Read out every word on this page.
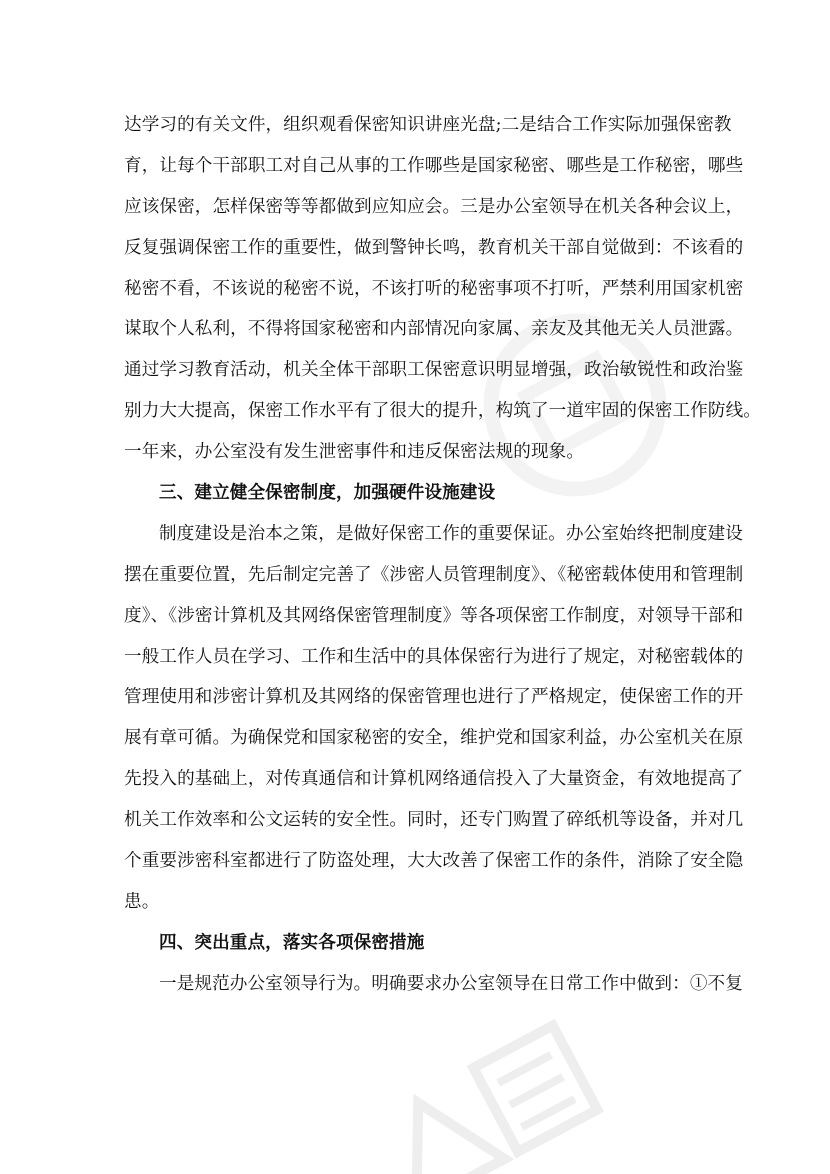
达学习的有关文件，组织观看保密知识讲座光盘;二是结合工作实际加强保密教
育，让每个干部职工对自己从事的工作哪些是国家秘密、哪些是工作秘密，哪些
应该保密，怎样保密等等都做到应知应会。三是办公室领导在机关各种会议上，
反复强调保密工作的重要性，做到警钟长鸣，教育机关干部自觉做到：不该看的
秘密不看，不该说的秘密不说，不该打听的秘密事项不打听，严禁利用国家机密
谋取个人私利，不得将国家秘密和内部情况向家属、亲友及其他无关人员泄露。
通过学习教育活动，机关全体干部职工保密意识明显增强，政治敏锐性和政治鉴
别力大大提高，保密工作水平有了很大的提升，构筑了一道牢固的保密工作防线。
一年来，办公室没有发生泄密事件和违反保密法规的现象。
三、建立健全保密制度，加强硬件设施建设
制度建设是治本之策，是做好保密工作的重要保证。办公室始终把制度建设
摆在重要位置，先后制定完善了《涉密人员管理制度》、《秘密载体使用和管理制
度》、《涉密计算机及其网络保密管理制度》等各项保密工作制度，对领导干部和
一般工作人员在学习、工作和生活中的具体保密行为进行了规定，对秘密载体的
管理使用和涉密计算机及其网络的保密管理也进行了严格规定，使保密工作的开
展有章可循。为确保党和国家秘密的安全，维护党和国家利益，办公室机关在原
先投入的基础上，对传真通信和计算机网络通信投入了大量资金，有效地提高了
机关工作效率和公文运转的安全性。同时，还专门购置了碎纸机等设备，并对几
个重要涉密科室都进行了防盗处理，大大改善了保密工作的条件，消除了安全隐
患。
四、突出重点，落实各项保密措施
一是规范办公室领导行为。明确要求办公室领导在日常工作中做到：①不复
